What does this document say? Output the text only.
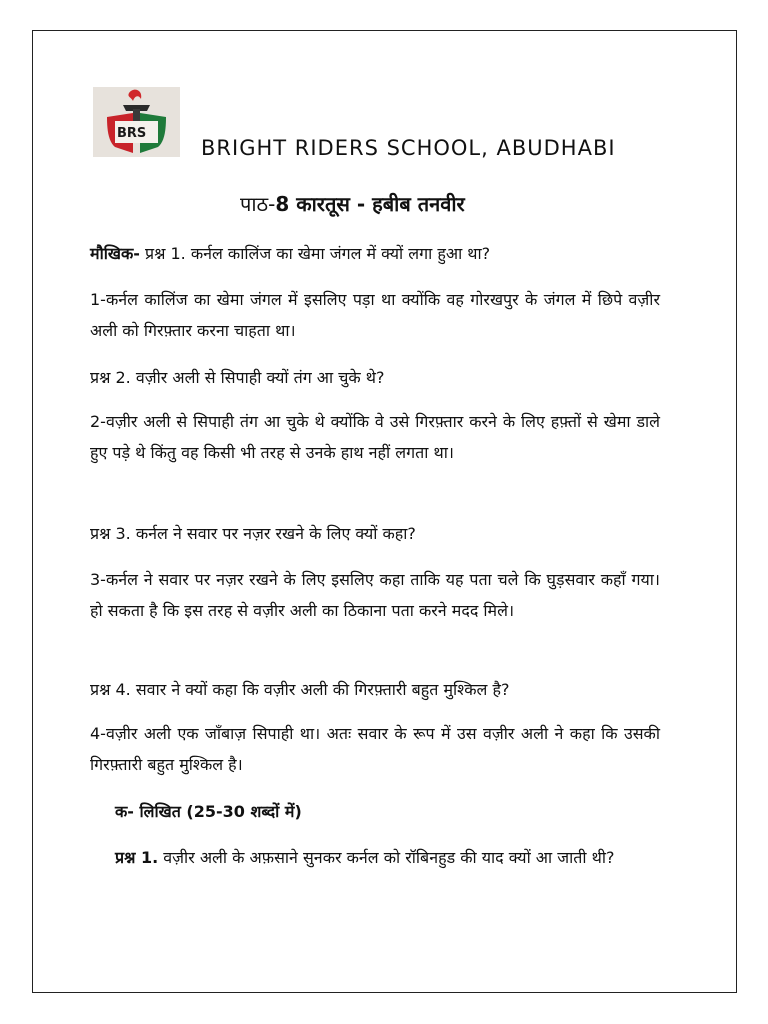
BRS
BRIGHT RIDERS SCHOOL, ABUDHABI
पाठ-8 कारतूस - हबीब तनवीर
मौखिक- प्रश्न 1. कर्नल कालिंज का खेमा जंगल में क्यों लगा हुआ था?
1-कर्नल कालिंज का खेमा जंगल में इसलिए पड़ा था क्योंकि वह गोरखपुर के जंगल में छिपे वज़ीर अली को गिरफ़्तार करना चाहता था।
प्रश्न 2. वज़ीर अली से सिपाही क्यों तंग आ चुके थे?
2-वज़ीर अली से सिपाही तंग आ चुके थे क्योंकि वे उसे गिरफ़्तार करने के लिए हफ़्तों से खेमा डाले हुए पड़े थे किंतु वह किसी भी तरह से उनके हाथ नहीं लगता था।
प्रश्न 3. कर्नल ने सवार पर नज़र रखने के लिए क्यों कहा?
3-कर्नल ने सवार पर नज़र रखने के लिए इसलिए कहा ताकि यह पता चले कि घुड़सवार कहाँ गया। हो सकता है कि इस तरह से वज़ीर अली का ठिकाना पता करने मदद मिले।
प्रश्न 4. सवार ने क्यों कहा कि वज़ीर अली की गिरफ़्तारी बहुत मुश्किल है?
4-वज़ीर अली एक जाँबाज़ सिपाही था। अतः सवार के रूप में उस वज़ीर अली ने कहा कि उसकी गिरफ़्तारी बहुत मुश्किल है।
क- लिखित (25-30 शब्दों में)
प्रश्न 1. वज़ीर अली के अफ़साने सुनकर कर्नल को रॉबिनहुड की याद क्यों आ जाती थी?
